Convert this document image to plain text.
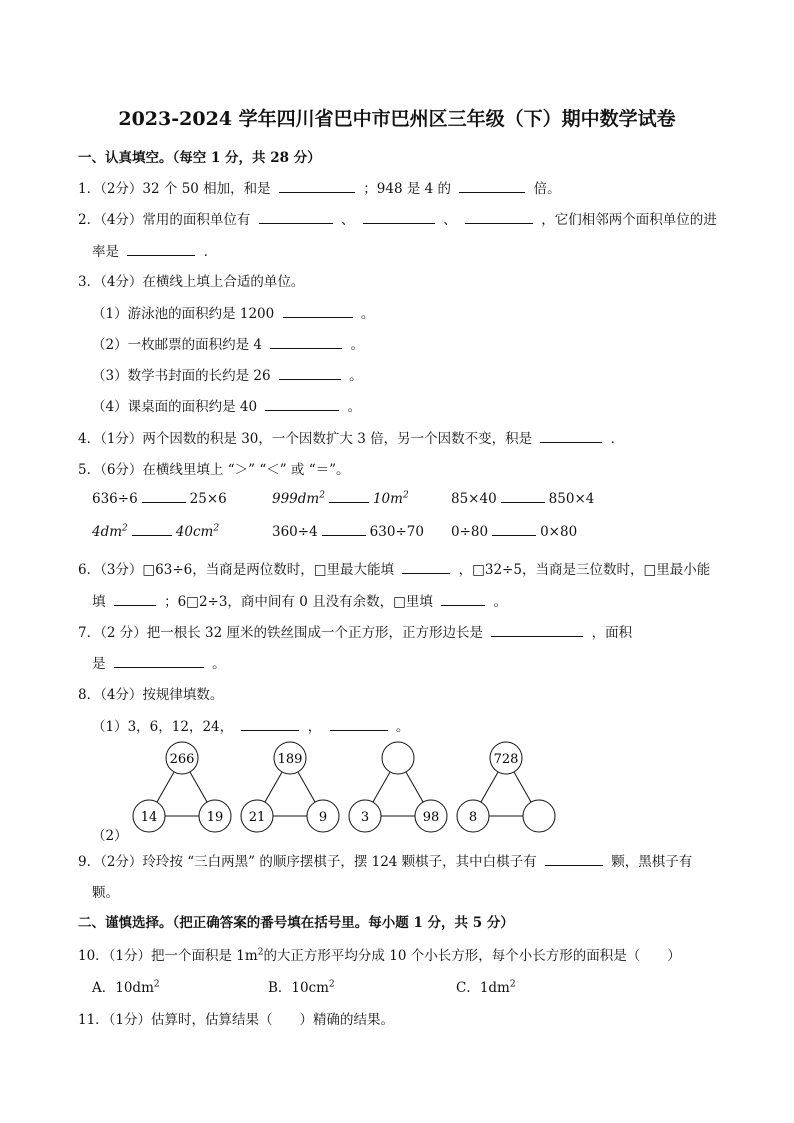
2023-2024 学年四川省巴中市巴州区三年级（下）期中数学试卷
一、认真填空。（每空 1 分，共 28 分）
1．（2分）32 个 50 相加，和是	；948 是 4 的	倍。
2．（4分）常用的面积单位有	、	、	，它们相邻两个面积单位的进
率是	．
3．（4分）在横线上填上合适的单位。
（1）游泳池的面积约是 1200	。
（2）一枚邮票的面积约是 4	。
（3）数学书封面的长约是 26	。
（4）课桌面的面积约是 40	。
4．（1分）两个因数的积是 30，一个因数扩大 3 倍，另一个因数不变，积是	．
5．（6分）在横线里填上 “＞” “＜” 或 “＝”。
636÷6	25×6	$999dm^2$	$10m^2$	85×40	850×4
$4dm^2$	$40cm^2$	360÷4	630÷70 0÷80	0×80
6．（3分）□63÷6，当商是两位数时，□里最大能填	，□32÷5，当商是三位数时，□里最小能
填	；6□2÷3，商中间有 0 且没有余数，□里填	。
7．（2 分）把一根长 32 厘米的铁丝围成一个正方形，正方形边长是	，面积
是	。
8．（4分）按规律填数。
（1）3，6，12，24，	，	。
（2）
266
14	19
189
21	9	3	98
728
8
9．（2分）玲玲按 “三白两黑” 的顺序摆棋子，摆 124 颗棋子，其中白棋子有	颗，黑棋子有
颗。
二、谨慎选择。（把正确答案的番号填在括号里。每小题 1 分，共 5 分）
10．（1分）把一个面积是 $1m^2$的大正方形平均分成 10 个小长方形，每个小长方形的面积是（　　）
A．$10dm^2$	B．$10cm^2$	C．$1dm^2$
11．（1分）估算时，估算结果（　　）精确的结果。
